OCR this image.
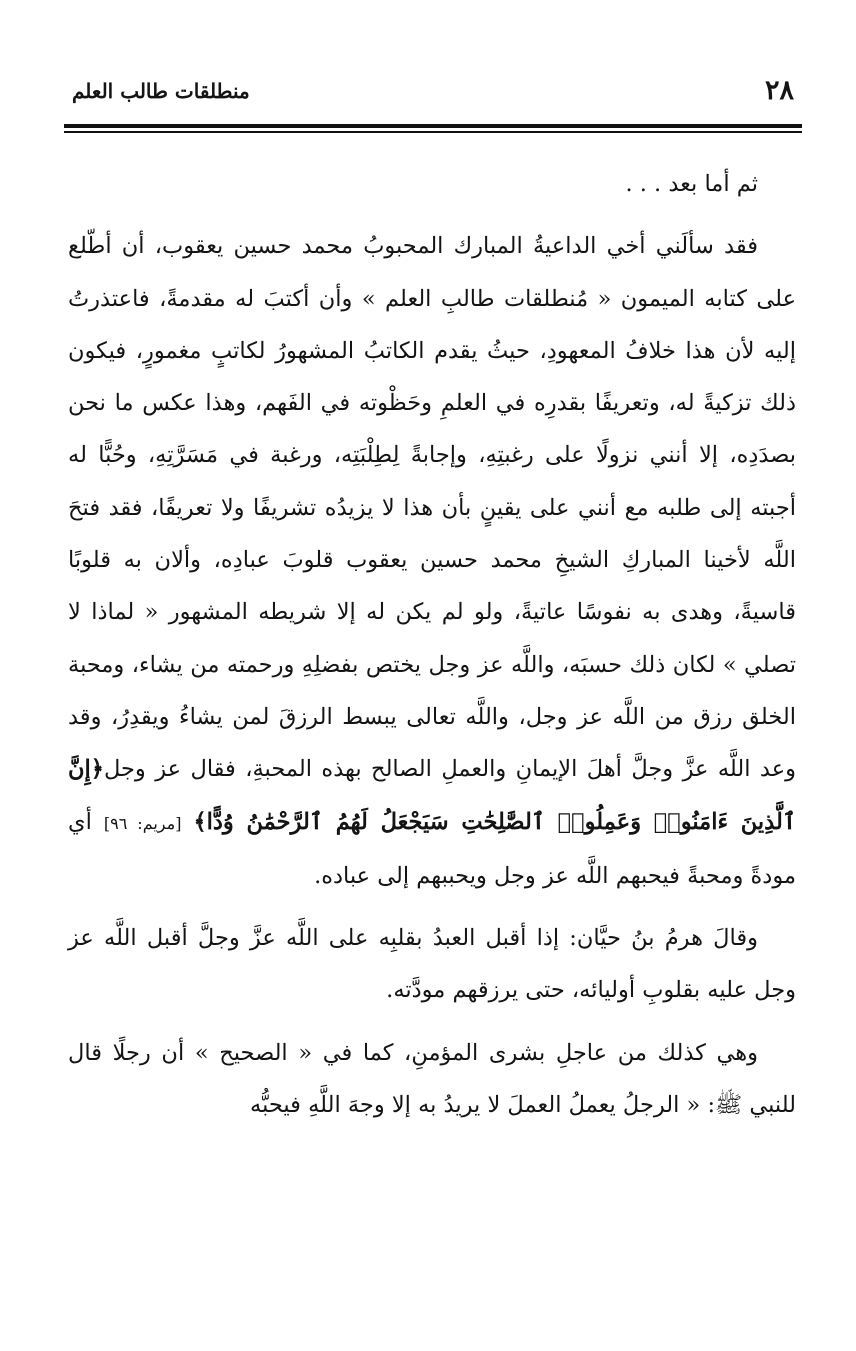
٢٨
منطلقات طالب العلم

ثم أما بعد . . .

فقد سألَني أخي الداعيةُ المبارك المحبوبُ محمد حسين يعقوب، أن أطّلع على كتابه الميمون « مُنطلقات طالبِ العلم » وأن أكتبَ له مقدمةً، فاعتذرتُ إليه لأن هذا خلافُ المعهودِ، حيثُ يقدم الكاتبُ المشهورُ لكاتبٍ مغمورٍ، فيكون ذلك تزكيةً له، وتعريفًا بقدرِه في العلمِ وحَظْوته في الفَهم، وهذا عكس ما نحن بصدَدِه، إلا أنني نزولًا على رغبتِهِ، وإجابةً لِطِلْبَتِه، ورغبة في مَسَرَّتِهِ، وحُبًّا له أجبته إلى طلبه مع أنني على يقينٍ بأن هذا لا يزيدُه تشريفًا ولا تعريفًا، فقد فتحَ اللَّه لأخينا المباركِ الشيخِ محمد حسين يعقوب قلوبَ عبادِه، وألان به قلوبًا قاسيةً، وهدى به نفوسًا عاتيةً، ولو لم يكن له إلا شريطه المشهور « لماذا لا تصلي » لكان ذلك حسبَه، واللَّه عز وجل يختص بفضلِهِ ورحمته من يشاء، ومحبة الخلق رزق من اللَّه عز وجل، واللَّه تعالى يبسط الرزقَ لمن يشاءُ ويقدِرُ، وقد وعد اللَّه عزَّ وجلَّ أهلَ الإيمانِ والعملِ الصالح بهذه المحبةِ، فقال عز وجل﴿إِنَّ ٱلَّذِينَ ءَامَنُوا۟ وَعَمِلُوا۟ ٱلصَّٰلِحَٰتِ سَيَجْعَلُ لَهُمُ ٱلرَّحْمَٰنُ وُدًّا﴾ [مريم: ٩٦] أي مودةً ومحبةً فيحبهم اللَّه عز وجل ويحببهم إلى عباده.

وقالَ هرمُ بنُ حيَّان: إذا أقبل العبدُ بقلبِه على اللَّه عزَّ وجلَّ أقبل اللَّه عز وجل عليه بقلوبِ أوليائه، حتى يرزقهم مودَّته.

وهي كذلك من عاجلِ بشرى المؤمنِ، كما في « الصحيح » أن رجلًا قال للنبي ﷺ: « الرجلُ يعملُ العملَ لا يريدُ به إلا وجهَ اللَّهِ فيحبُّه
